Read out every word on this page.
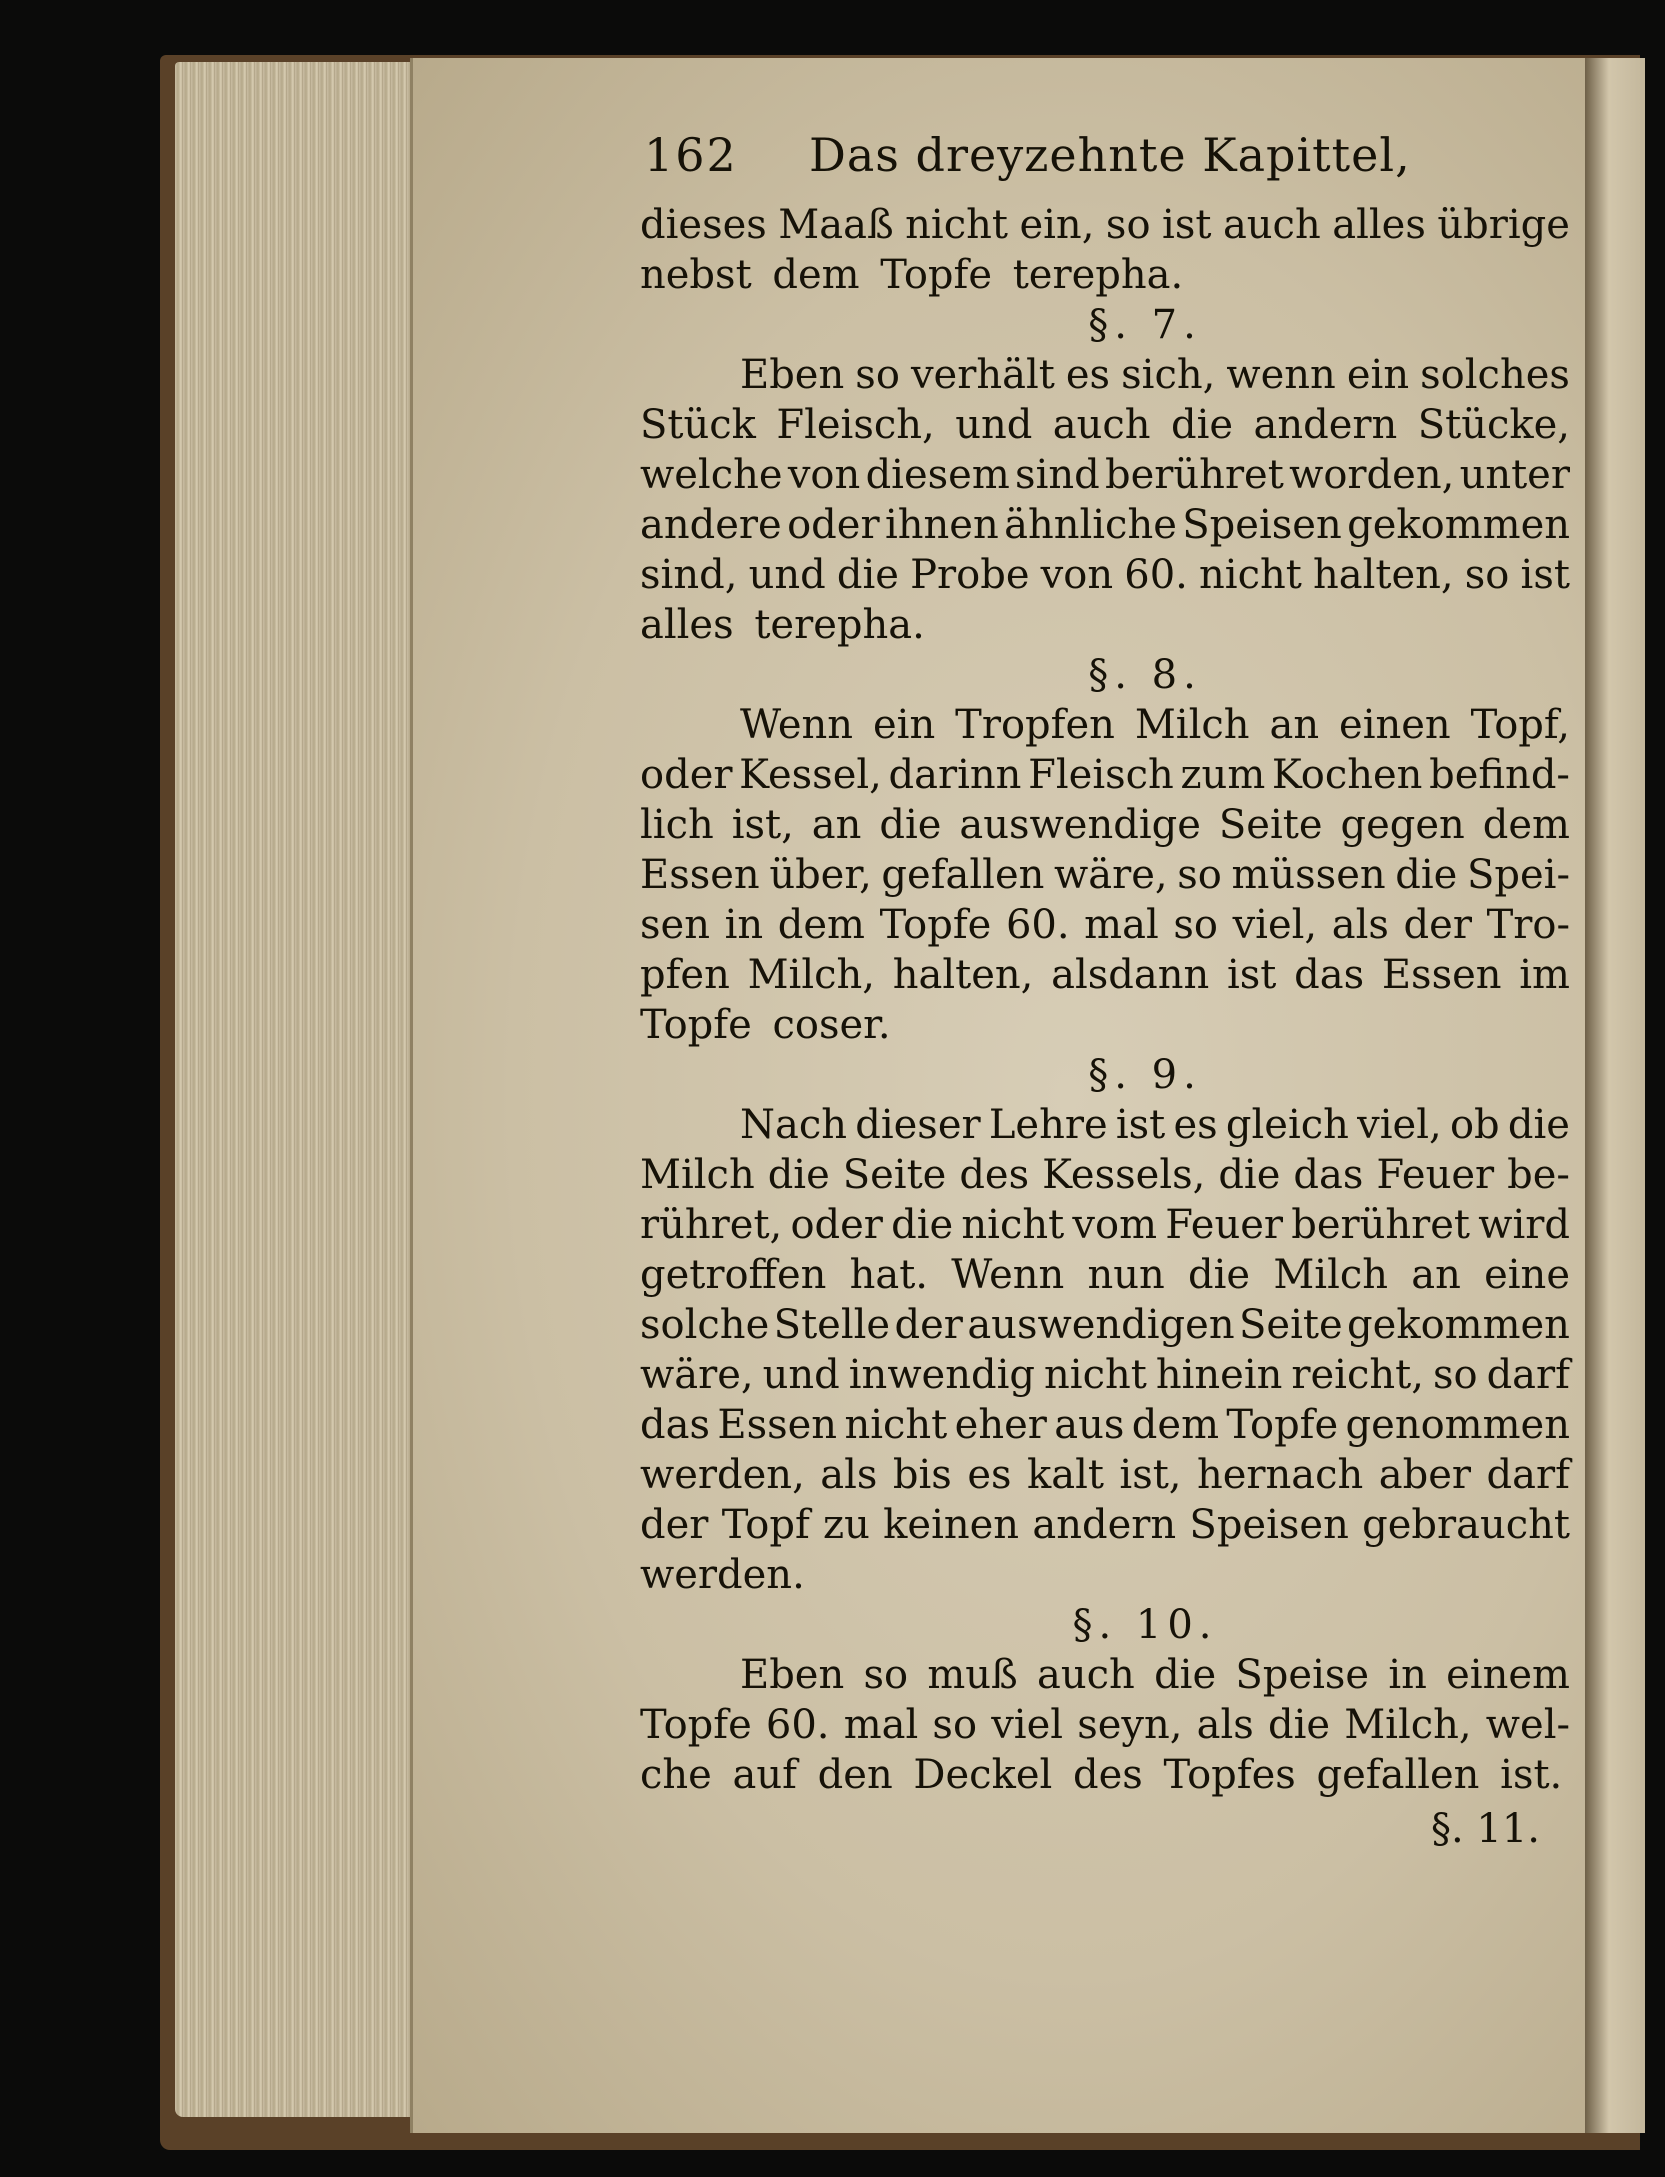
162	Das dreyzehnte Kapittel,
dieses Maaß nicht ein, so ist auch alles übrige
nebst dem Topfe terepha.
§. 7.
Eben so verhält es sich, wenn ein solches
Stück Fleisch, und auch die andern Stücke,
welche von diesem sind berühret worden, unter
andere oder ihnen ähnliche Speisen gekommen
sind, und die Probe von 60. nicht halten, so ist
alles terepha.
§. 8.
Wenn ein Tropfen Milch an einen Topf,
oder Kessel, darinn Fleisch zum Kochen befind-
lich ist, an die auswendige Seite gegen dem
Essen über, gefallen wäre, so müssen die Spei-
sen in dem Topfe 60. mal so viel, als der Tro-
pfen Milch, halten, alsdann ist das Essen im
Topfe coser.
§. 9.
Nach dieser Lehre ist es gleich viel, ob die
Milch die Seite des Kessels, die das Feuer be-
rühret, oder die nicht vom Feuer berühret wird
getroffen hat. Wenn nun die Milch an eine
solche Stelle der auswendigen Seite gekommen
wäre, und inwendig nicht hinein reicht, so darf
das Essen nicht eher aus dem Topfe genommen
werden, als bis es kalt ist, hernach aber darf
der Topf zu keinen andern Speisen gebraucht
werden.
§. 10.
Eben so muß auch die Speise in einem
Topfe 60. mal so viel seyn, als die Milch, wel-
che auf den Deckel des Topfes gefallen ist.
§. 11.
